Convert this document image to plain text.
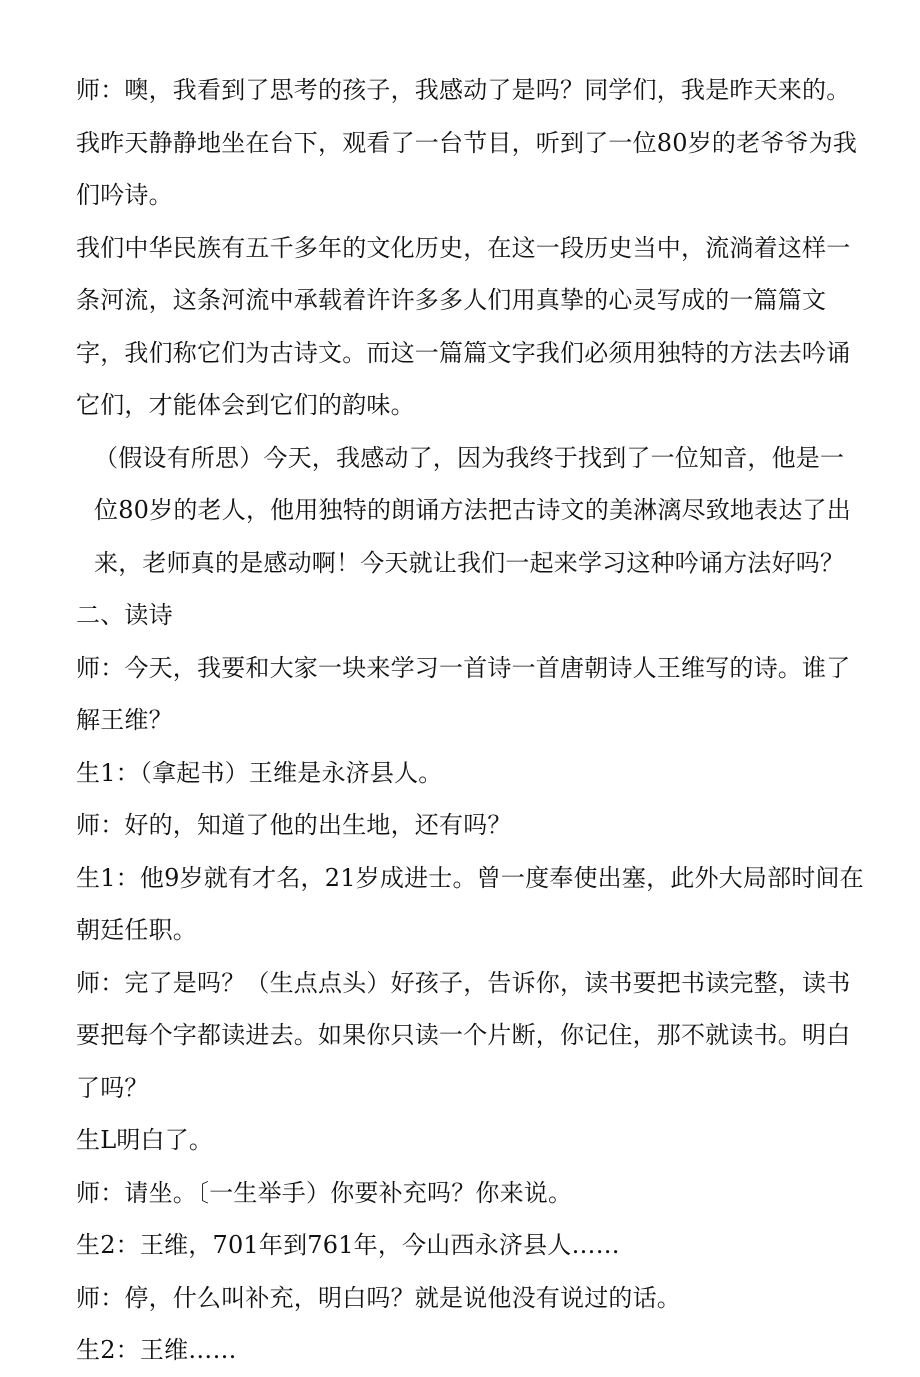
师：噢，我看到了思考的孩子，我感动了是吗？同学们，我是昨天来的。我昨天静静地坐在台下，观看了一台节目，听到了一位80岁的老爷爷为我们吟诗。

我们中华民族有五千多年的文化历史，在这一段历史当中，流淌着这样一条河流，这条河流中承载着许许多多人们用真挚的心灵写成的一篇篇文字，我们称它们为古诗文。而这一篇篇文字我们必须用独特的方法去吟诵它们，才能体会到它们的韵味。

（假设有所思）今天，我感动了，因为我终于找到了一位知音，他是一位80岁的老人，他用独特的朗诵方法把古诗文的美淋漓尽致地表达了出来，老师真的是感动啊！今天就让我们一起来学习这种吟诵方法好吗？

二、读诗

师：今天，我要和大家一块来学习一首诗一首唐朝诗人王维写的诗。谁了解王维？

生1：（拿起书）王维是永济县人。

师：好的，知道了他的出生地，还有吗？

生1：他9岁就有才名，21岁成进士。曾一度奉使出塞，此外大局部时间在朝廷任职。

师：完了是吗？（生点点头）好孩子，告诉你，读书要把书读完整，读书要把每个字都读进去。如果你只读一个片断，你记住，那不就读书。明白了吗？

生L明白了。

师：请坐。〔一生举手）你要补充吗？你来说。

生2：王维，701年到761年，今山西永济县人……

师：停，什么叫补充，明白吗？就是说他没有说过的话。

生2：王维……
